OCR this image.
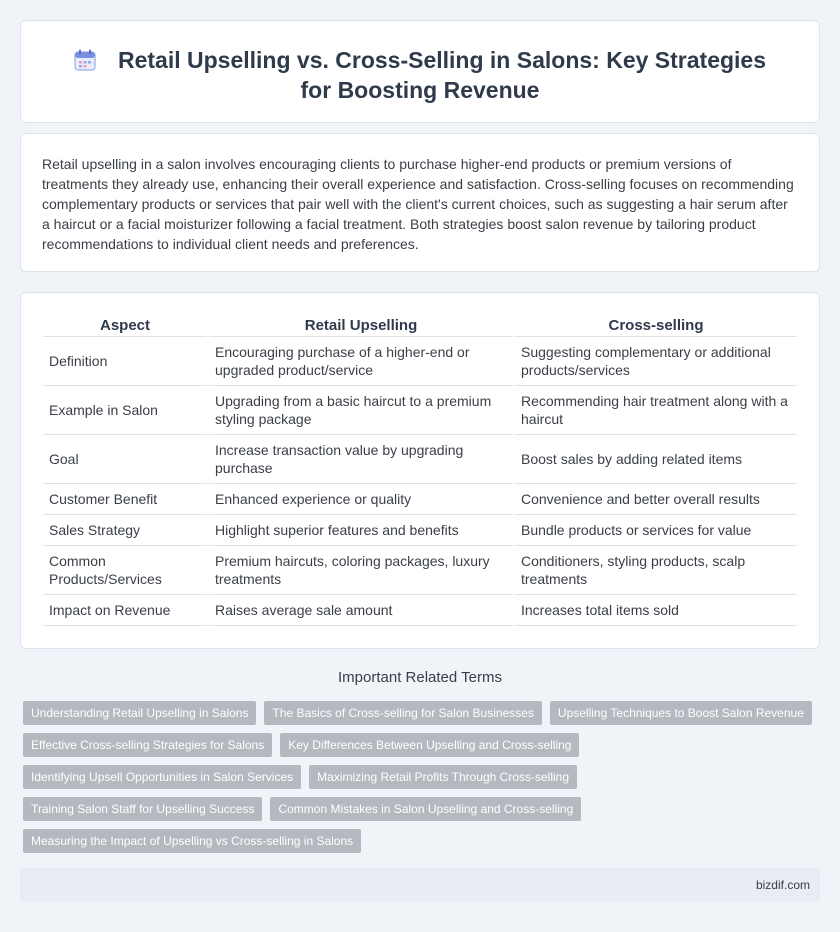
Retail Upselling vs. Cross-Selling in Salons: Key Strategies for Boosting Revenue

Retail upselling in a salon involves encouraging clients to purchase higher-end products or premium versions of treatments they already use, enhancing their overall experience and satisfaction. Cross-selling focuses on recommending complementary products or services that pair well with the client's current choices, such as suggesting a hair serum after a haircut or a facial moisturizer following a facial treatment. Both strategies boost salon revenue by tailoring product recommendations to individual client needs and preferences.

Aspect	Retail Upselling	Cross-selling
Definition	Encouraging purchase of a higher-end or upgraded product/service	Suggesting complementary or additional products/services
Example in Salon	Upgrading from a basic haircut to a premium styling package	Recommending hair treatment along with a haircut
Goal	Increase transaction value by upgrading purchase	Boost sales by adding related items
Customer Benefit	Enhanced experience or quality	Convenience and better overall results
Sales Strategy	Highlight superior features and benefits	Bundle products or services for value
Common Products/Services	Premium haircuts, coloring packages, luxury treatments	Conditioners, styling products, scalp treatments
Impact on Revenue	Raises average sale amount	Increases total items sold
Important Related Terms
Understanding Retail Upselling in Salons	The Basics of Cross-selling for Salon Businesses	Upselling Techniques to Boost Salon Revenue
Effective Cross-selling Strategies for Salons	Key Differences Between Upselling and Cross-selling
Identifying Upsell Opportunities in Salon Services	Maximizing Retail Profits Through Cross-selling
Training Salon Staff for Upselling Success	Common Mistakes in Salon Upselling and Cross-selling
Measuring the Impact of Upselling vs Cross-selling in Salons
bizdif.com
